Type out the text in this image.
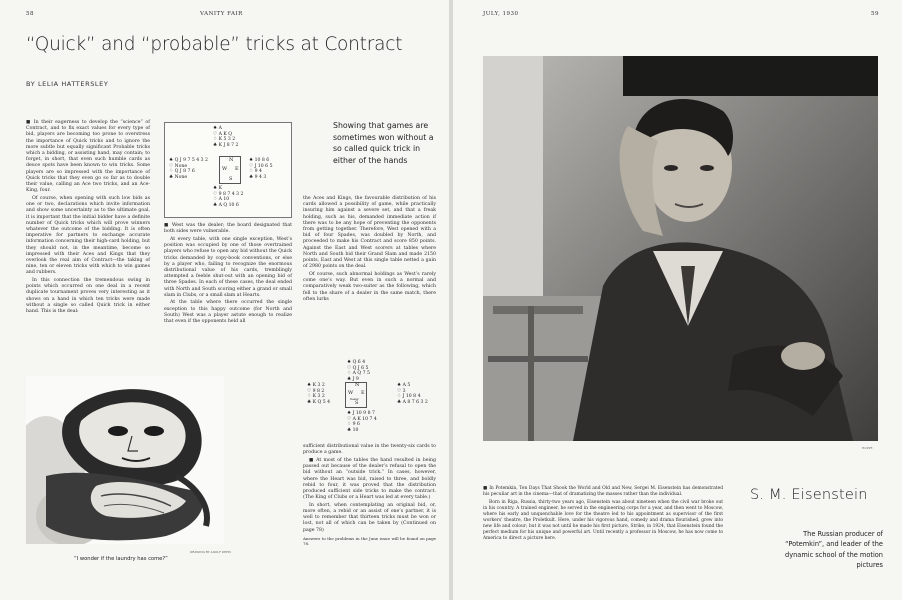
58	VANITY FAIR
“Quick” and “probable” tricks at Contract
BY LELIA HATTERSLEY

■ In their eagerness to develop the “science” of Contract, and to fix exact values for every type of bid, players are becoming too prone to overstress the importance of Quick tricks and to ignore the more subtle but equally significant Probable tricks which a bidding, or assisting hand, may contain; to forget, in short, that even such humble cards as deuce spots have been known to win tricks. Some players are so impressed with the importance of Quick tricks that they even go so far as to double their value, calling an Ace two tricks, and an Ace-King, four.

Of course, when opening with such low bids as one or two, declarations which invite information and show some uncertainty as to the ultimate goal, it is important that the initial bidder have a definite number of Quick tricks which will prove winners whatever the outcome of the bidding. It is often imperative for partners to exchange accurate information concerning their high-card holding, but they should not, in the meantime, become so impressed with their Aces and Kings that they overlook the real aim of Contract—the taking of nine, ten or eleven tricks with which to win games and rubbers.

In this connection the tremendous swing in points which occurred on one deal in a recent duplicate tournament proves very interesting as it shows on a hand in which ten tricks were made without a single so called Quick trick in either hand. This is the deal:

♠ A
♡ A K Q
♢ K 5 3 2
♣ K J 8 7 2
♠ Q J 9 7 5 4 3 2
♡ None
♢ Q J 8 7 6
♣ None
N
W E
S
♠ 10 8 6
♡ J 10 6 5
♢ 9 4
♣ 9 4 3
♠ K
♡ 9 8 7 4 3 2
♢ A 10
♣ A Q 10 6

■ West was the dealer; the board designated that both sides were vulnerable.

At every table, with one single exception, West’s position was occupied by one of those overtrained players who refuse to open any bid without the Quick tricks demanded by copy-book conventions, or else by a player who, failing to recognize the enormous distributional value of his cards, tremblingly attempted a feeble shut-out with an opening bid of three Spades. In each of these cases, the deal ended with North and South scoring either a grand or small slam in Clubs, or a small slam at Hearts.

At the table where there occurred the single exception to this happy outcome (for North and South) West was a player astute enough to realize that even if the opponents held all

Showing that games are sometimes won without a so called quick trick in either of the hands

the Aces and Kings, the favourable distribution of his cards allowed a possibility of game, while practically insuring him against a severe set, and that a freak holding, such as his, demanded immediate action if there was to be any hope of preventing the opponents from getting together. Therefore, West opened with a bid of four Spades, was doubled by North, and proceeded to make his Contract and score 850 points. Against the East and West scorers at tables where North and South bid their Grand Slam and made 2150 points, East and West at this single table netted a gain of 2980 points on the deal.

Of course, such abnormal holdings as West’s rarely come one’s way. But even in such a normal and comparatively weak two-suiter as the following, which fell to the share of a dealer in the same match, there often lurks

♠ Q 6 4
♡ Q J 6 5
♢ A Q 7 5
♣ J 9
♠ K 3 2
♡ 9 8 2
♢ K 3 2
♣ K Q 5 4
N
W E
Dealer
S
♠ A 5
♡ 3
♢ J 10 8 4
♣ A 8 7 6 3 2
♠ J 10 9 8 7
♡ A K 10 7 4
♢ 9 6
♣ 10

sufficient distributional value in the twenty-six cards to produce a game.

■ At most of the tables the hand resulted in being passed out because of the dealer’s refusal to open the bid without an “outside trick.” In cases, however, where the Heart was bid, raised to three, and boldly rebid to four, it was proved that the distribution produced sufficient side tricks to make the contract. (The King of Clubs or a Heart was led at every table.)

In short, when contemplating an original bid, or, more often, a rebid or an assist of one’s partner, it is well to remember that thirteen tricks must be won or lost, not all of which can be taken by (Continued on page 78)

Answers to the problems in the June issue will be found on page 78.

DRAWING BY ADOLF DEHN
“I wonder if the laundry has come?”
JULY, 1930	59
HOPPE

■ In Potemkin, Ten Days That Shook the World and Old and New, Sergei M. Eisenstein has demonstrated his peculiar art in the cinema—that of dramatizing the masses rather than the individual.

Born in Riga, Russia, thirty-two years ago, Eisenstein was about nineteen when the civil war broke out in his country. A trained engineer, he served in the engineering corps for a year, and then went to Moscow, where his early and unquenchable love for the theatre led to his appointment as supervisor of the first workers’ theatre, the Proletkult. Here, under his vigorous hand, comedy and drama flourished, grew into new life and colour; but it was not until he made his first picture, Strike, in 1924, that Eisenstein found the perfect medium for his unique and powerful art. Until recently a professor in Moscow, he has now come to America to direct a picture here.

S. M. Eisenstein
The Russian producer of “Potemkin”, and leader of the dynamic school of the motion pictures
